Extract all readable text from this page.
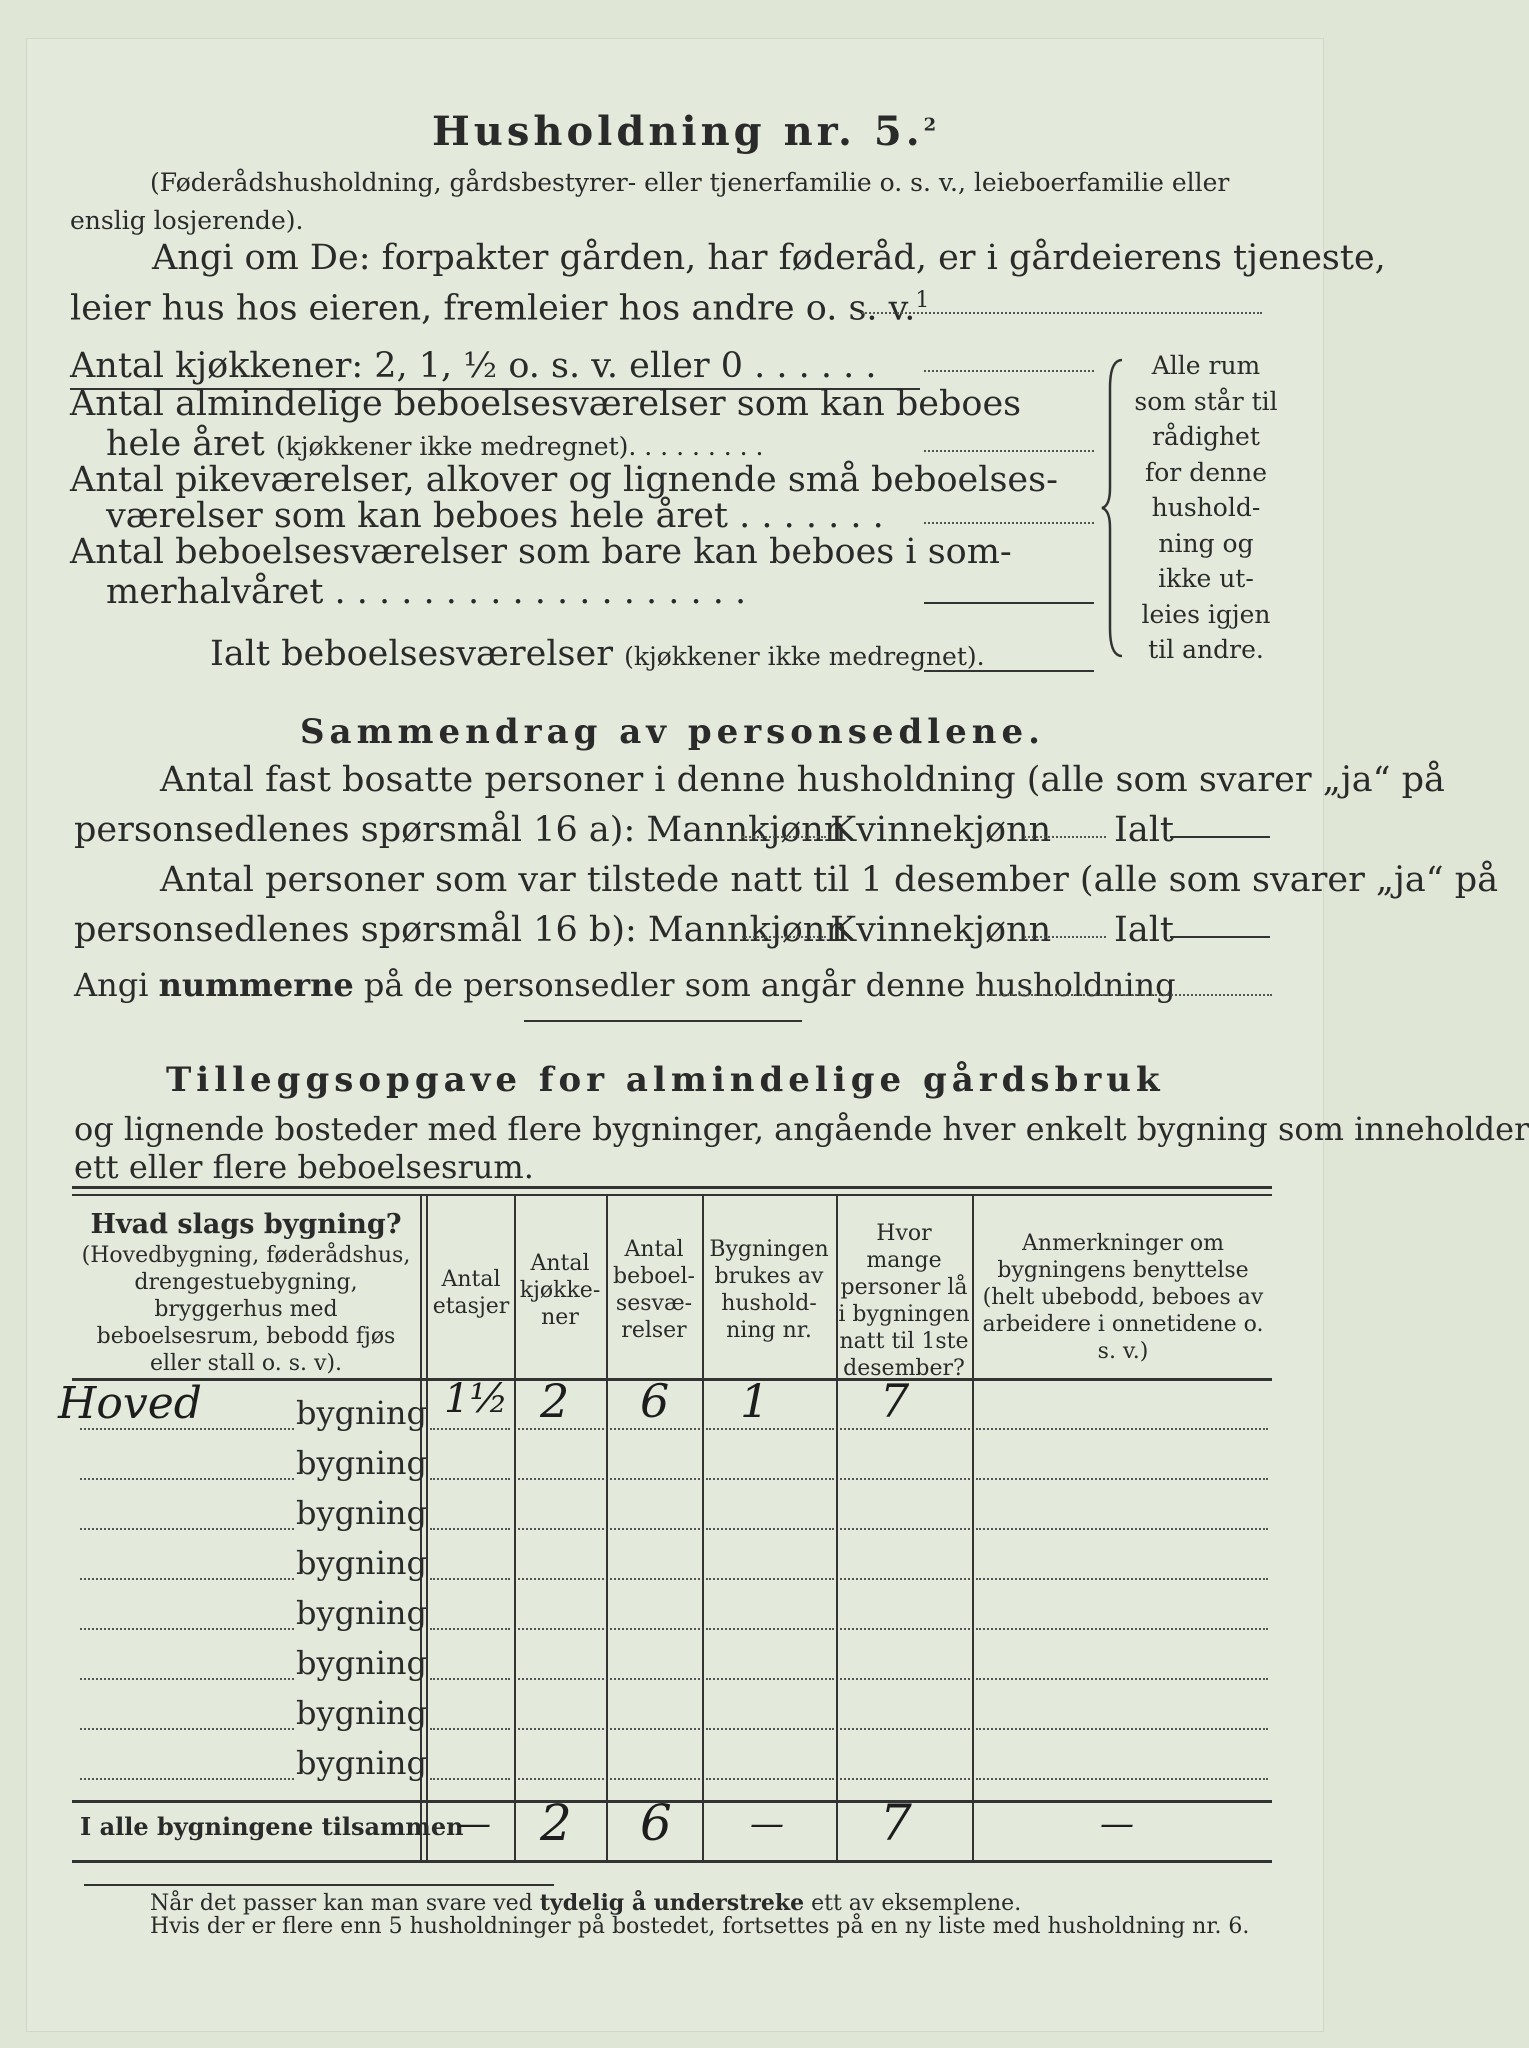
Husholdning nr. 5.$^2$
(Føderådshusholdning, gårdsbestyrer- eller tjenerfamilie o. s. v., leieboerfamilie eller
enslig losjerende).
Angi om De: forpakter gården, har føderåd, er i gårdeierens tjeneste,
leier hus hos eieren, fremleier hos andre o. s. v.$^1$
Antal kjøkkener: 2, 1, ½ o. s. v. eller 0 . . . . . .
Antal almindelige beboelsesværelser som kan beboes
hele året (kjøkkener ikke medregnet). . . . . . . . .
Antal pikeværelser, alkover og lignende små beboelses-
værelser som kan beboes hele året . . . . . . .
Antal beboelsesværelser som bare kan beboes i som-
merhalvåret . . . . . . . . . . . . . . . . . . .
Ialt beboelsesværelser (kjøkkener ikke medregnet).
Alle rum
som står til
rådighet
for denne
hushold-
ning og
ikke ut-
leies igjen
til andre.
Sammendrag av personsedlene.
Antal fast bosatte personer i denne husholdning (alle som svarer „ja“ på
personsedlenes spørsmål 16 a): Mannkjønn
Kvinnekjønn Ialt
Antal personer som var tilstede natt til 1 desember (alle som svarer „ja“ på
personsedlenes spørsmål 16 b): Mannkjønn
Kvinnekjønn Ialt
Angi nummerne på de personsedler som angår denne husholdning
Tilleggsopgave for almindelige gårdsbruk
og lignende bosteder med flere bygninger, angående hver enkelt bygning som inneholder
ett eller flere beboelsesrum.
Hvad slags bygning?
(Hovedbygning, føderådshus, drengestuebygning, bryggerhus med beboelsesrum, bebodd fjøs eller stall o. s. v).
Antal etasjer
Antal kjøkke-ner
Antal beboel-sesvæ-relser
Bygningen brukes av hushold-ning nr.
Hvor mange personer lå i bygningen natt til 1ste desember?
Anmerkninger om bygningens benyttelse (helt ubebodd, beboes av arbeidere i onnetidene o. s. v.)
Hoved	bygning 1½ 2 6 1 7
bygning
bygning
bygning
bygning
bygning
bygning
bygning
I alle bygningene tilsammen
— 2 6 — 7	—
Når det passer kan man svare ved tydelig å understreke ett av eksemplene.
Hvis der er flere enn 5 husholdninger på bostedet, fortsettes på en ny liste med husholdning nr. 6.
